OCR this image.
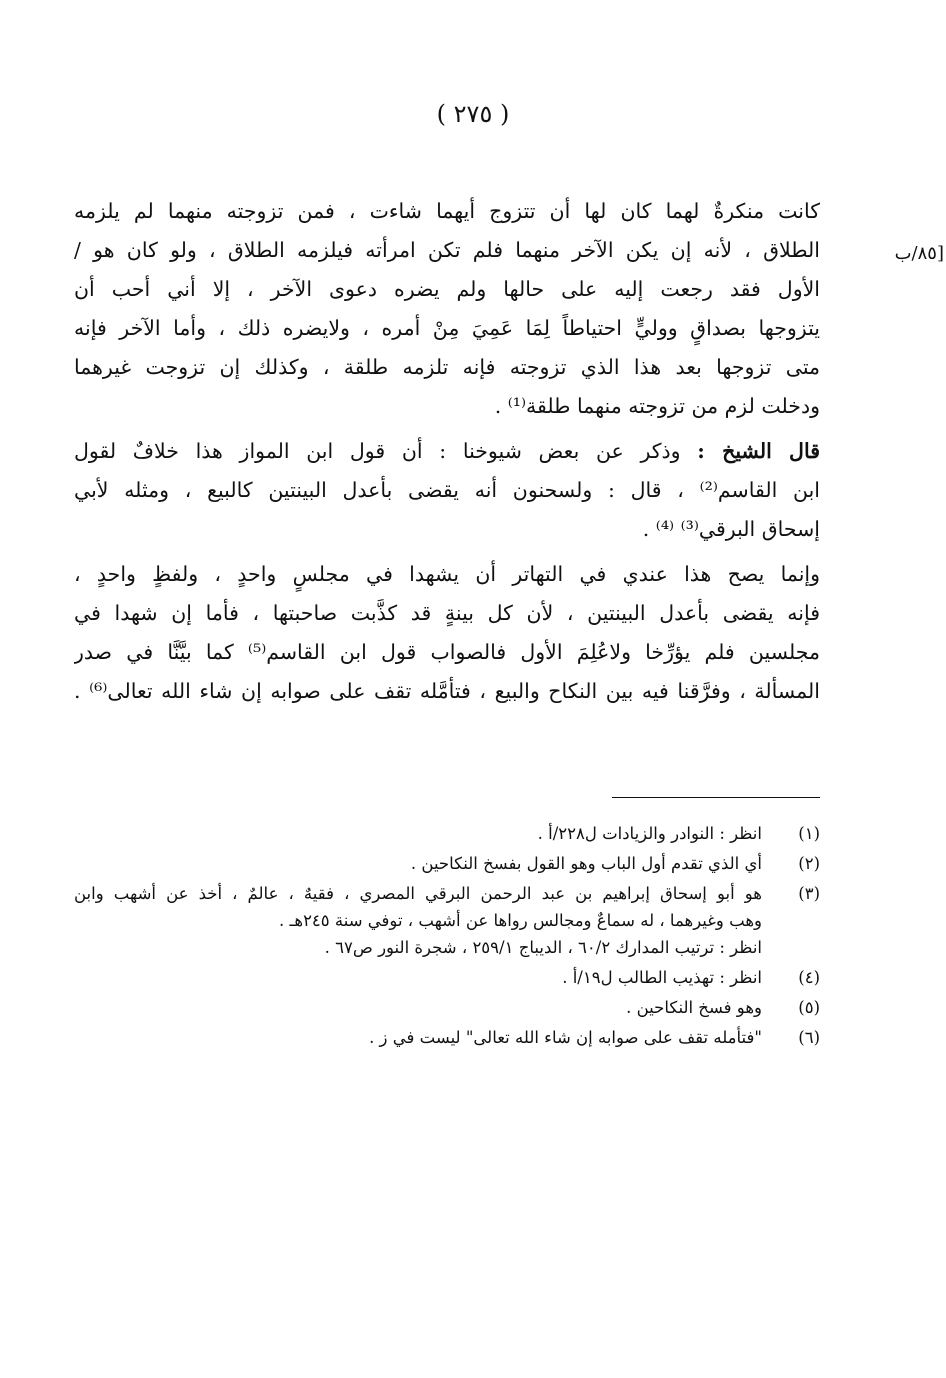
( ٢٧٥ )
[٨٥/ب

كانت منكرةٌ لهما كان لها أن تتزوج أيهما شاءت ، فمن تزوجته منهما لم يلزمه
الطلاق ، لأنه إن يكن الآخر منهما فلم تكن امرأته فيلزمه الطلاق ، ولو كان هو /
الأول فقد رجعت إليه على حالها ولم يضره دعوى الآخر ، إلا أني أحب أن
يتزوجها بصداقٍ ووليٍّ احتياطاً لِمَا عَمِيَ مِنْ أمره ، ولايضره ذلك ، وأما الآخر فإنه
متى تزوجها بعد هذا الذي تزوجته فإنه تلزمه طلقة ، وكذلك إن تزوجت غيرهما
ودخلت لزم من تزوجته منهما طلقة⁽¹⁾ .

قال الشيخ : وذكر عن بعض شيوخنا : أن قول ابن المواز هذا خلافٌ لقول
ابن القاسم⁽²⁾ ، قال : ولسحنون أنه يقضى بأعدل البينتين كالبيع ، ومثله لأبي
إسحاق البرقي⁽³⁾ ⁽⁴⁾ .

وإنما يصح هذا عندي في التهاتر أن يشهدا في مجلسٍ واحدٍ ، ولفظٍ واحدٍ ،
فإنه يقضى بأعدل البينتين ، لأن كل بينةٍ قد كذَّبت صاحبتها ، فأما إن شهدا في
مجلسين فلم يؤرِّخا ولاعُلِمَ الأول فالصواب قول ابن القاسم⁽⁵⁾ كما بيَّنَّا في صدر
المسألة ، وفرَّقنا فيه بين النكاح والبيع ، فتأمَّله تقف على صوابه إن شاء الله تعالى⁽⁶⁾ .

(١)
انظر : النوادر والزيادات ل٢٢٨/أ .
(٢)
أي الذي تقدم أول الباب وهو القول بفسخ النكاحين .
(٣)
هو أبو إسحاق إبراهيم بن عبد الرحمن البرقي المصري ، فقيهٌ ، عالمٌ ، أخذ عن أشهب وابن
وهب وغيرهما ، له سماعٌ ومجالس رواها عن أشهب ، توفي سنة ٢٤٥هـ .
انظر : ترتيب المدارك ٦٠/٢ ، الديباج ٢٥٩/١ ، شجرة النور ص٦٧ .
(٤)
انظر : تهذيب الطالب ل١٩/أ .
(٥)
وهو فسخ النكاحين .
(٦)
"فتأمله تقف على صوابه إن شاء الله تعالى" ليست في ز .
